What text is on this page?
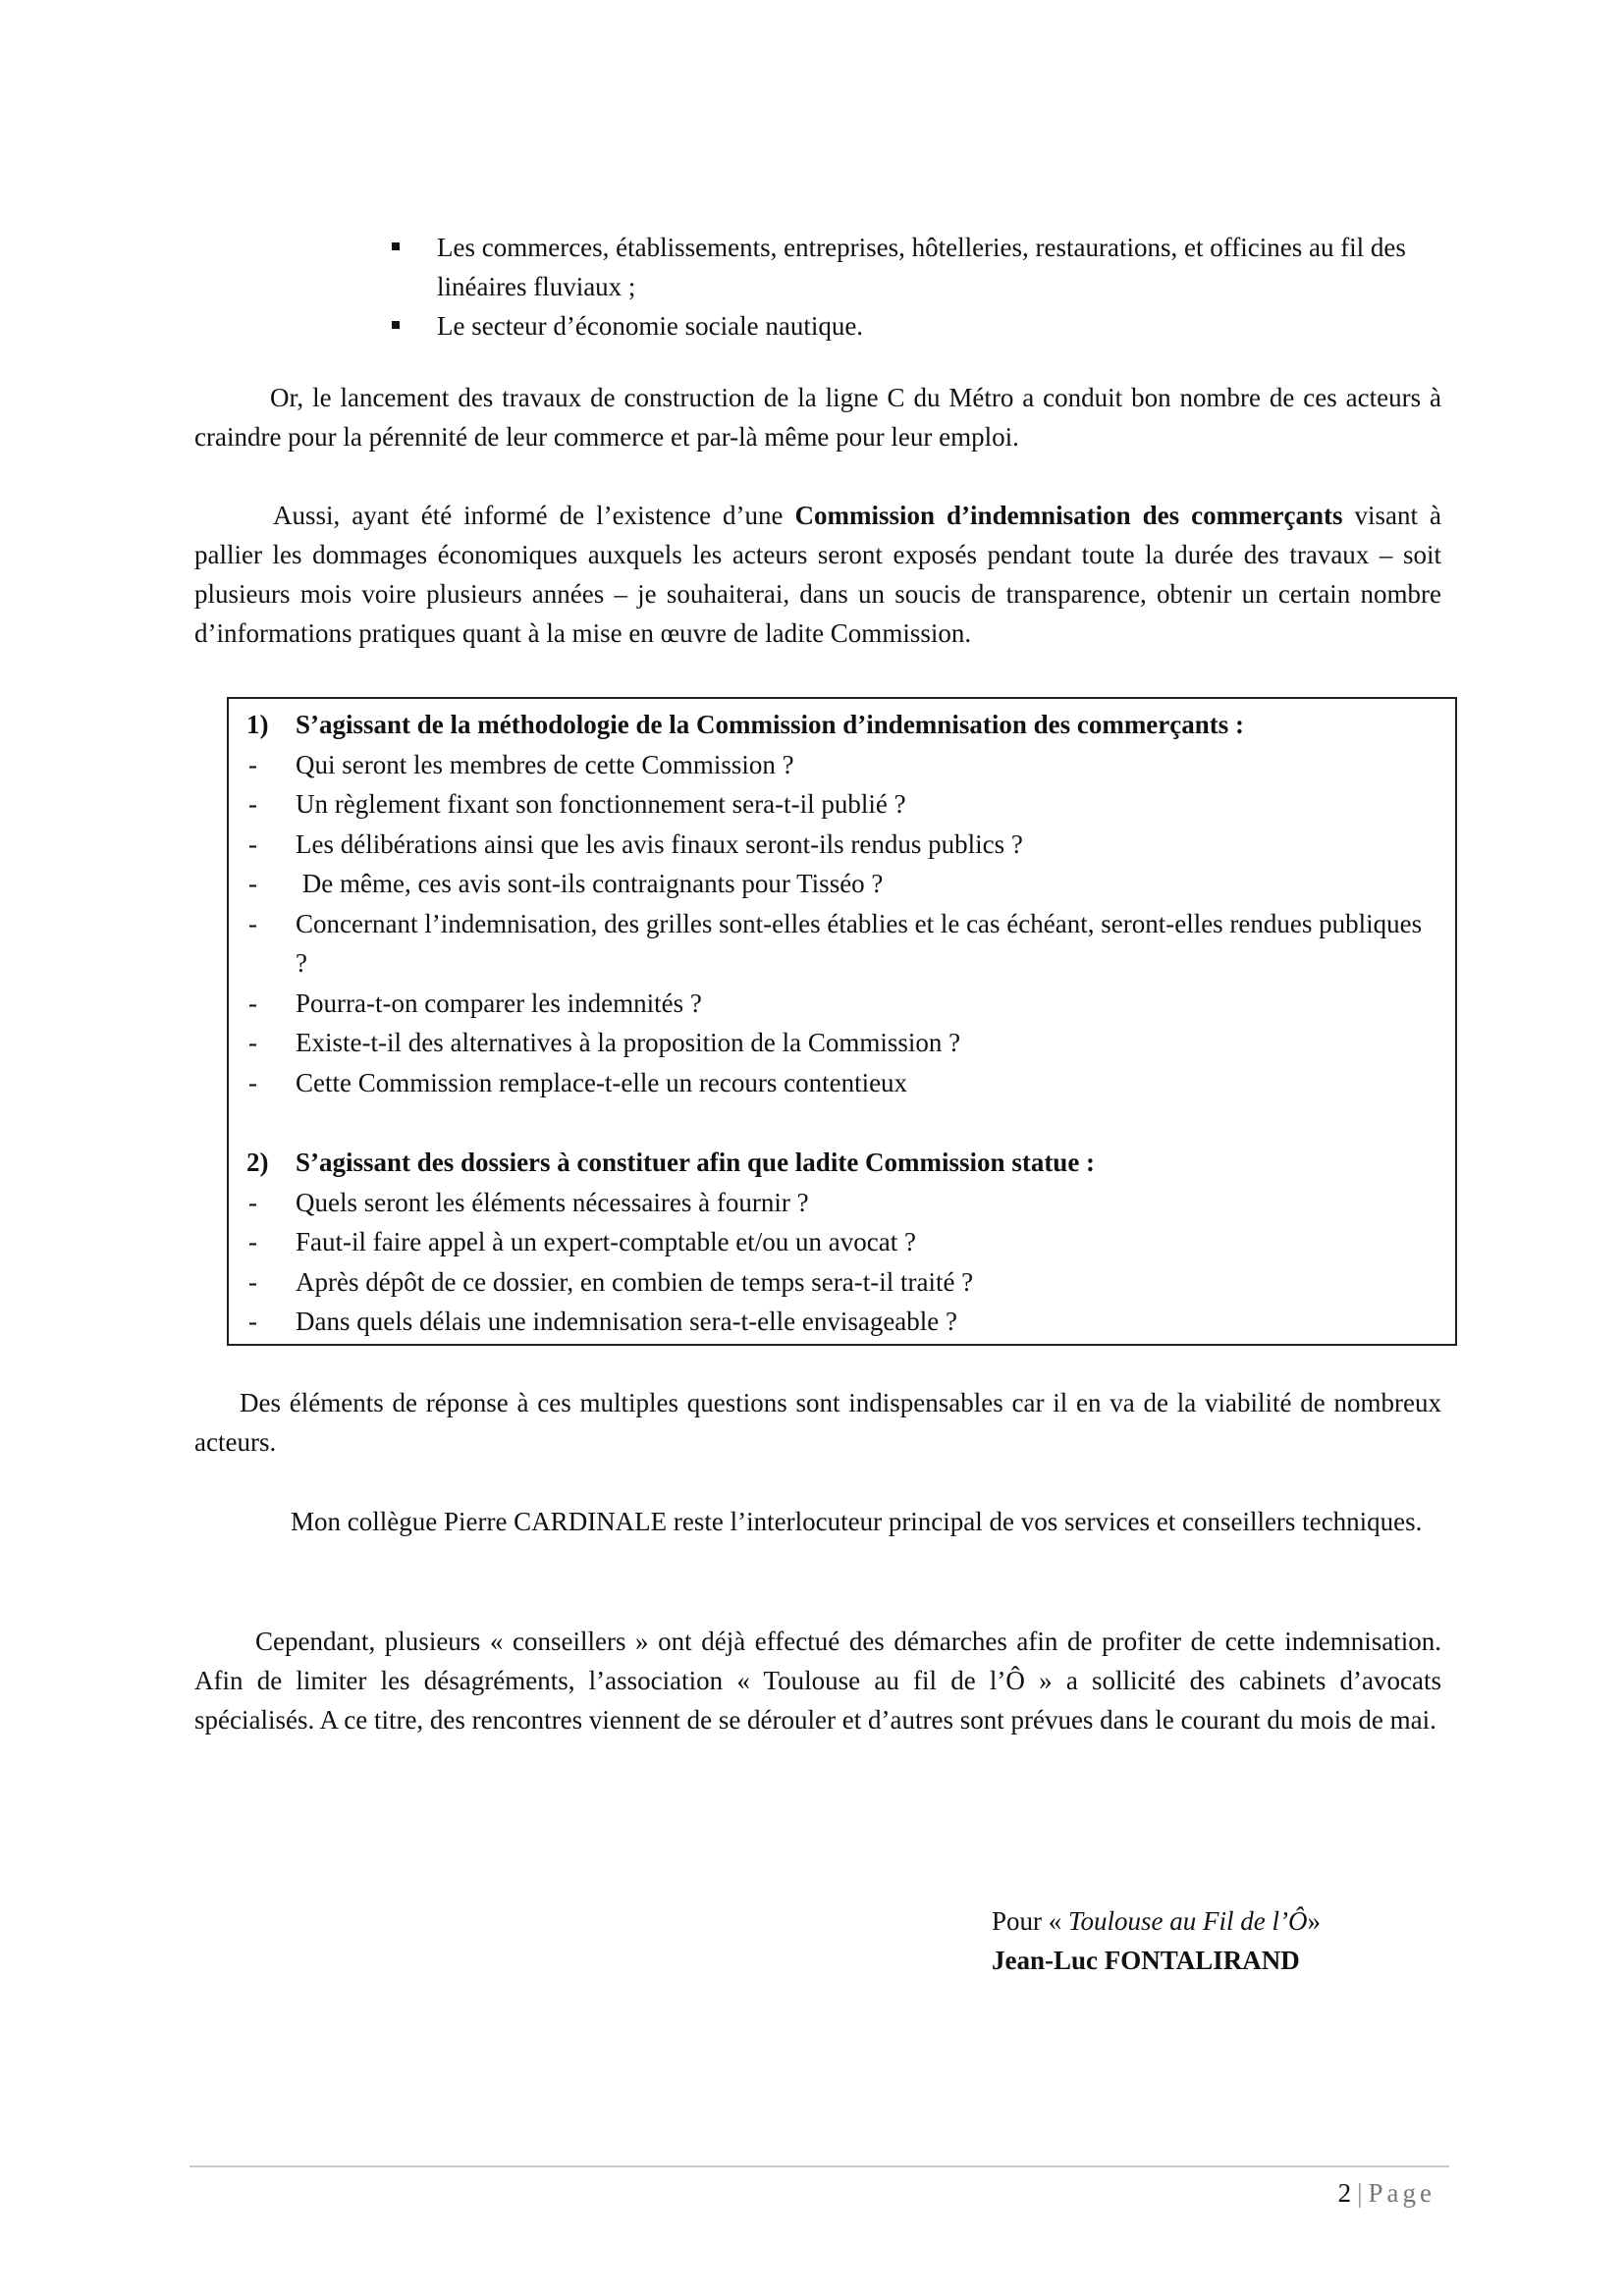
Les commerces, établissements, entreprises, hôtelleries, restaurations, et officines au fil des linéaires fluviaux ;
Le secteur d’économie sociale nautique.

Or, le lancement des travaux de construction de la ligne C du Métro a conduit bon nombre de ces acteurs à craindre pour la pérennité de leur commerce et par-là même pour leur emploi.

Aussi, ayant été informé de l’existence d’une Commission d’indemnisation des commerçants visant à pallier les dommages économiques auxquels les acteurs seront exposés pendant toute la durée des travaux – soit plusieurs mois voire plusieurs années – je souhaiterai, dans un soucis de transparence, obtenir un certain nombre d’informations pratiques quant à la mise en œuvre de ladite Commission.

1) S’agissant de la méthodologie de la Commission d’indemnisation des commerçants :
- Qui seront les membres de cette Commission ?
- Un règlement fixant son fonctionnement sera-t-il publié ?
- Les délibérations ainsi que les avis finaux seront-ils rendus publics ?
-  De même, ces avis sont-ils contraignants pour Tisséo ?
- Concernant l’indemnisation, des grilles sont-elles établies et le cas échéant, seront-elles rendues publiques ?
- Pourra-t-on comparer les indemnités ?
- Existe-t-il des alternatives à la proposition de la Commission ?
- Cette Commission remplace-t-elle un recours contentieux
2) S’agissant des dossiers à constituer afin que ladite Commission statue :
- Quels seront les éléments nécessaires à fournir ?
- Faut-il faire appel à un expert-comptable et/ou un avocat ?
- Après dépôt de ce dossier, en combien de temps sera-t-il traité ?
- Dans quels délais une indemnisation sera-t-elle envisageable ?

Des éléments de réponse à ces multiples questions sont indispensables car il en va de la viabilité de nombreux acteurs.

Mon collègue Pierre CARDINALE reste l’interlocuteur principal de vos services et conseillers techniques.

Cependant, plusieurs « conseillers » ont déjà effectué des démarches afin de profiter de cette indemnisation. Afin de limiter les désagréments, l’association « Toulouse au fil de l’Ô » a sollicité des cabinets d’avocats spécialisés. A ce titre, des rencontres viennent de se dérouler et d’autres sont prévues dans le courant du mois de mai.

Pour « Toulouse au Fil de l’Ô»
Jean-Luc FONTALIRAND
2 | Page
